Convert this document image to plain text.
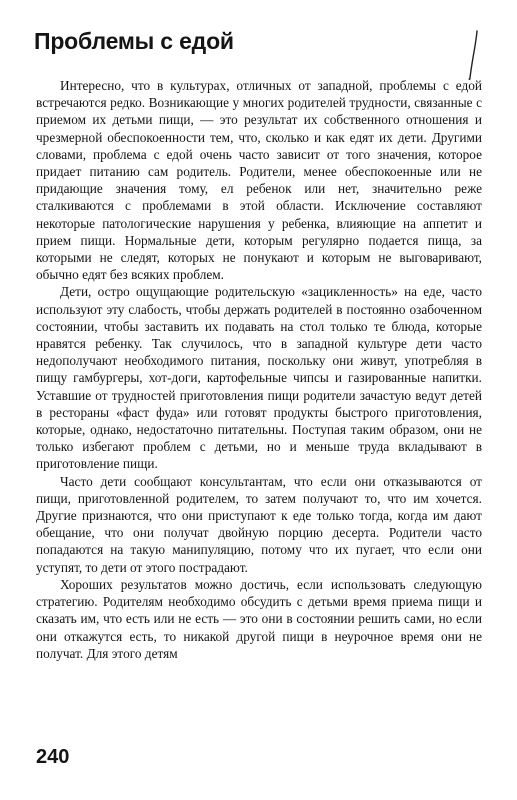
Проблемы с едой

Интересно, что в культурах, отличных от западной, проблемы с едой встречаются редко. Возникающие у многих родителей трудности, связанные с приемом их детьми пищи, — это результат их собственного отношения и чрезмерной обеспокоенности тем, что, сколько и как едят их дети. Другими словами, проблема с едой очень часто зависит от того значения, которое придает питанию сам родитель. Родители, менее обеспокоенные или не придающие значения тому, ел ребенок или нет, значительно реже сталкиваются с проблемами в этой области. Исключение составляют некоторые патологические нарушения у ребенка, влияющие на аппетит и прием пищи. Нормальные дети, которым регулярно подается пища, за которыми не следят, которых не понукают и которым не выговаривают, обычно едят без всяких проблем.

Дети, остро ощущающие родительскую «зацикленность» на еде, часто используют эту слабость, чтобы держать родителей в постоянно озабоченном состоянии, чтобы заставить их подавать на стол только те блюда, которые нравятся ребенку. Так случилось, что в западной культуре дети часто недополучают необходимого питания, поскольку они живут, употребляя в пищу гамбургеры, хот-доги, картофельные чипсы и газированные напитки. Уставшие от трудностей приготовления пищи родители зачастую ведут детей в рестораны «фаст фуда» или готовят продукты быстрого приготовления, которые, однако, недостаточно питательны. Поступая таким образом, они не только избегают проблем с детьми, но и меньше труда вкладывают в приготовление пищи.

Часто дети сообщают консультантам, что если они отказываются от пищи, приготовленной родителем, то затем получают то, что им хочется. Другие признаются, что они приступают к еде только тогда, когда им дают обещание, что они получат двойную порцию десерта. Родители часто попадаются на такую манипуляцию, потому что их пугает, что если они уступят, то дети от этого пострадают.

Хороших результатов можно достичь, если использовать следующую стратегию. Родителям необходимо обсудить с детьми время приема пищи и сказать им, что есть или не есть — это они в состоянии решить сами, но если они откажутся есть, то никакой другой пищи в неурочное время они не получат. Для этого детям

240
